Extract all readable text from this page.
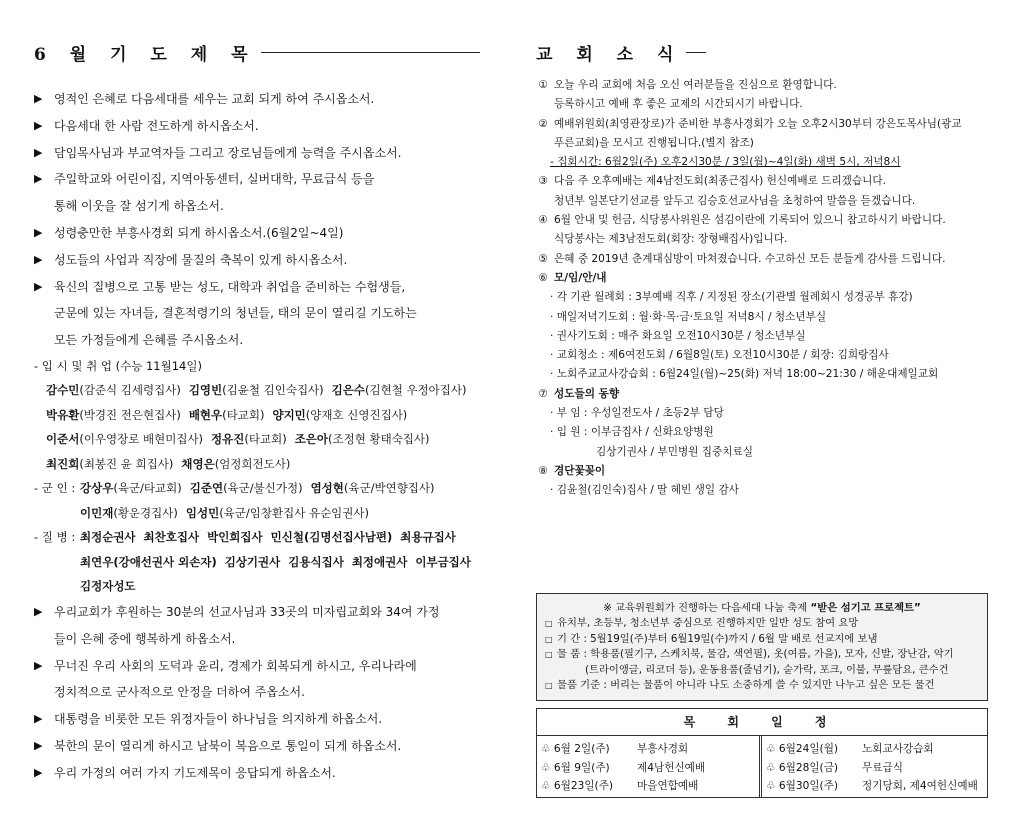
6 월 기 도 제 목
▶ 영적인 은혜로 다음세대를 세우는 교회 되게 하여 주시옵소서.
▶ 다음세대 한 사람 전도하게 하시옵소서.
▶ 담임목사님과 부교역자들 그리고 장로님들에게 능력을 주시옵소서.
▶ 주일학교와 어린이집, 지역아동센터, 실버대학, 무료급식 등을
통해 이웃을 잘 섬기게 하옵소서.
▶ 성령충만한 부흥사경회 되게 하시옵소서.(6월2일~4일)
▶ 성도들의 사업과 직장에 물질의 축복이 있게 하시옵소서.
▶ 육신의 질병으로 고통 받는 성도, 대학과 취업을 준비하는 수험생들,
군문에 있는 자녀들, 결혼적령기의 청년들, 태의 문이 열리길 기도하는
모든 가정들에게 은혜를 주시옵소서.
- 입 시 및 취 업 (수능 11월14일)
감수민(감준식 김세령집사) 김영빈(김윤철 김인숙집사) 김은수(김현철 우정아집사)
박유환(박경진 전은현집사) 배현우(타교회) 양지민(양재호 신영진집사)
이준서(이우영장로 배현미집사) 정유진(타교회) 조은아(조정현 황태숙집사)
최진희(최봉진 윤 희집사) 채영은(엄정희전도사)
- 군 인 : 강상우(육군/타교회) 김준연(육군/불신가정) 염성현(육군/박연향집사)
이민재(황운경집사) 임성민(육군/임창환집사 유순임권사)
- 질 병 : 최정순권사 최찬호집사 박인희집사 민신철(김명선집사남편) 최용규집사
최연우(강애선권사 외손자) 김상기권사 김용식집사 최정애권사 이부금집사
김정자성도
▶ 우리교회가 후원하는 30분의 선교사님과 33곳의 미자립교회와 34여 가정
들이 은혜 중에 행복하게 하옵소서.
▶ 무너진 우리 사회의 도덕과 윤리, 경제가 회복되게 하시고, 우리나라에
정치적으로 군사적으로 안정을 더하여 주옵소서.
▶ 대통령을 비롯한 모든 위정자들이 하나님을 의지하게 하옵소서.
▶ 북한의 문이 열리게 하시고 남북이 복음으로 통일이 되게 하옵소서.
▶ 우리 가정의 여러 가지 기도제목이 응답되게 하옵소서.
교 회 소 식
① 오늘 우리 교회에 처음 오신 여러분들을 진심으로 환영합니다.
등록하시고 예배 후 좋은 교제의 시간되시기 바랍니다.
② 예배위원회(최영관장로)가 준비한 부흥사경회가 오늘 오후2시30부터 강은도목사님(광교
푸른교회)을 모시고 진행됩니다.(별지 참조)
- 집회시간: 6월2일(주) 오후2시30분 / 3일(월)~4일(화) 새벽 5시, 저녁8시
③ 다음 주 오후예배는 제4남전도회(최종근집사) 헌신예배로 드리겠습니다.
청년부 일본단기선교를 앞두고 김승호선교사님을 초청하여 말씀을 듣겠습니다.
④ 6월 안내 및 헌금, 식당봉사위원은 섬김이란에 기록되어 있으니 참고하시기 바랍니다.
식당봉사는 제3남전도회(회장: 장형배집사)입니다.
⑤ 은혜 중 2019년 춘계대심방이 마쳐졌습니다. 수고하신 모든 분들게 감사를 드립니다.
⑥ 모/임/안/내
· 각 기관 월례회 : 3부예배 직후 / 지정된 장소(기관별 월례회시 성경공부 휴강)
· 매일저녁기도회 : 월·화·목·금·토요일 저녁8시 / 청소년부실
· 권사기도회 : 매주 화요일 오전10시30분 / 청소년부실
· 교회청소 : 제6여전도회 / 6월8일(토) 오전10시30분 / 회장: 김희랑집사
· 노회주교교사강습회 : 6월24일(월)~25(화) 저녁 18:00~21:30 / 해운대제일교회
⑦ 성도들의 동향
· 부 임 : 우성일전도사 / 초등2부 담당
· 입 원 : 이부금집사 / 신화요양병원
김상기권사 / 부민병원 집중치료실
⑧ 경단꽃꽂이
· 김윤철(김인숙)집사 / 딸 혜빈 생일 감사
※ 교육위원회가 진행하는 다음세대 나눔 축제 “받은 섬기고 프로젝트”
□ 유치부, 초등부, 청소년부 중심으로 진행하지만 일반 성도 참여 요망
□ 기 간 : 5월19일(주)부터 6월19일(수)까지 / 6월 말 배로 선교지에 보냄
□ 물 품 : 학용품(필기구, 스케치북, 물감, 색연필), 옷(여름, 가을), 모자, 신발, 장난감, 악기
(트라이앵글, 리코더 등), 운동용품(줄넘기), 숟가락, 포크, 이불, 무릎담요, 큰수건
□ 물품 기준 : 버리는 물품이 아니라 나도 소중하게 쓸 수 있지만 나누고 싶은 모든 물건
목 회 일 정
♧ 6월 2일(주)	부흥사경회
♧ 6월 9일(주)	제4남헌신예배
♧ 6월23일(주)	마을연합예배
♧ 6월24일(월)	노회교사강습회
♧ 6월28일(금)	무료급식
♧ 6월30일(주)	정기당회, 제4여헌신예배
